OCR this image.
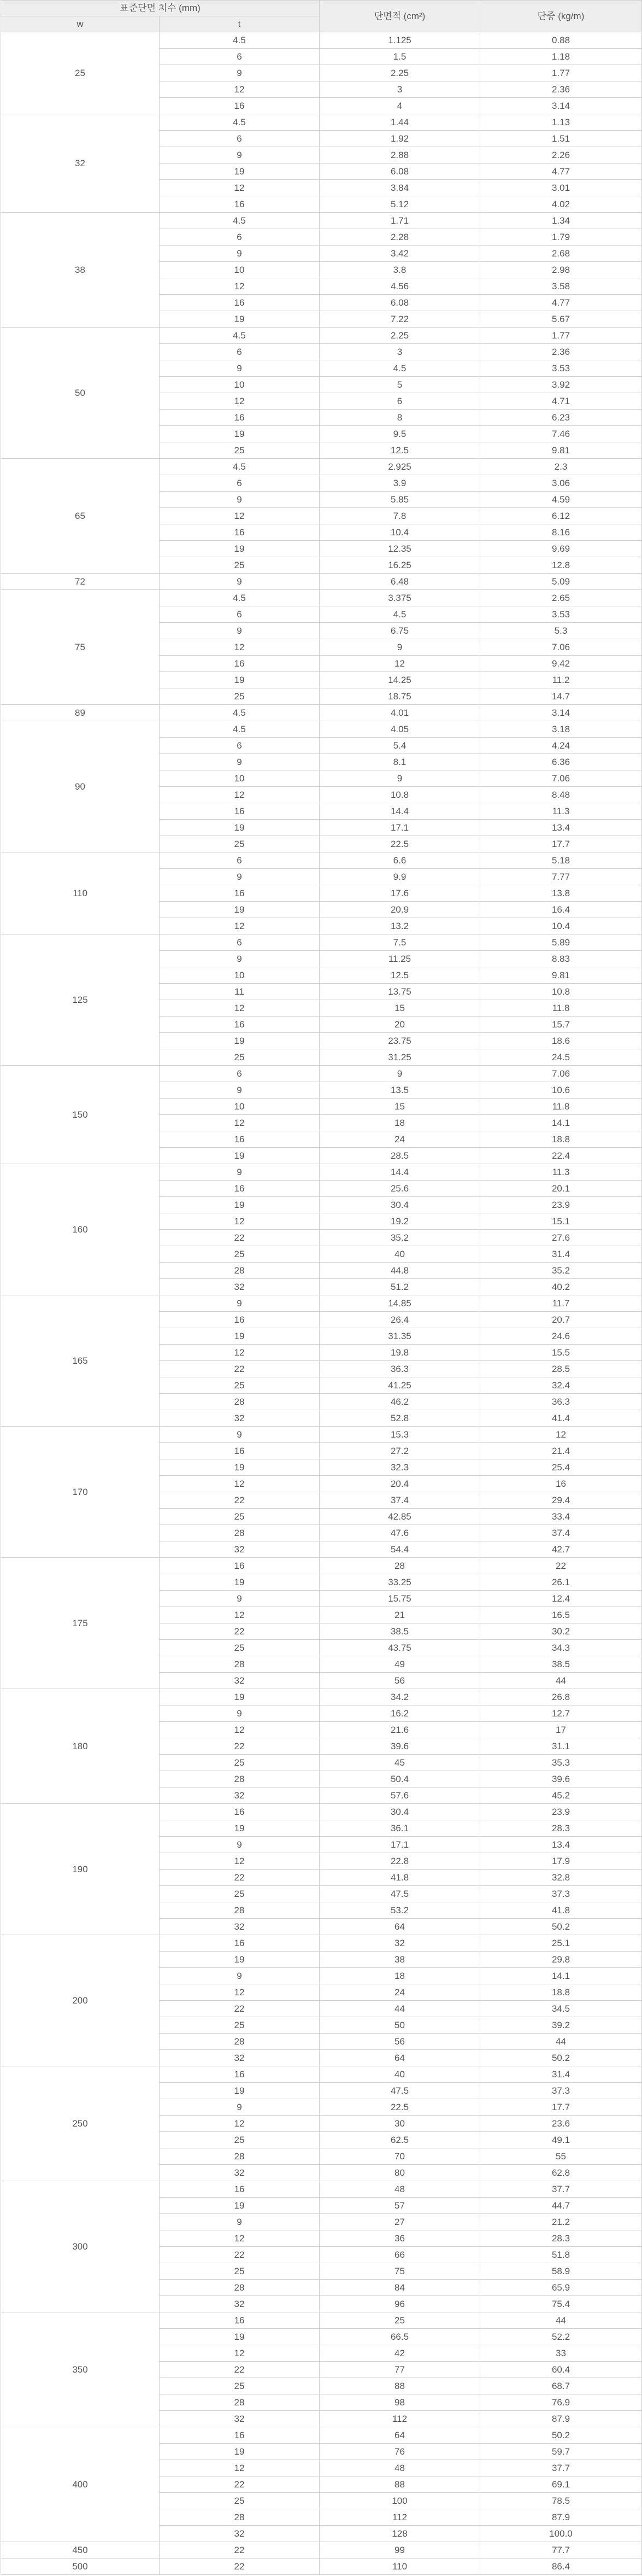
표준단면 치수 (mm)		단면적 (cm²)	단중 (kg/m)
w	t		
25	4.5	1.125	0.88
	6	1.5	1.18
	9	2.25	1.77
	12	3	2.36
	16	4	3.14
32	4.5	1.44	1.13
	6	1.92	1.51
	9	2.88	2.26
	19	6.08	4.77
	12	3.84	3.01
	16	5.12	4.02
38	4.5	1.71	1.34
	6	2.28	1.79
	9	3.42	2.68
	10	3.8	2.98
	12	4.56	3.58
	16	6.08	4.77
	19	7.22	5.67
50	4.5	2.25	1.77
	6	3	2.36
	9	4.5	3.53
	10	5	3.92
	12	6	4.71
	16	8	6.23
	19	9.5	7.46
	25	12.5	9.81
65	4.5	2.925	2.3
	6	3.9	3.06
	9	5.85	4.59
	12	7.8	6.12
	16	10.4	8.16
	19	12.35	9.69
	25	16.25	12.8
72	9	6.48	5.09
75	4.5	3.375	2.65
	6	4.5	3.53
	9	6.75	5.3
	12	9	7.06
	16	12	9.42
	19	14.25	11.2
	25	18.75	14.7
89	4.5	4.01	3.14
90	4.5	4.05	3.18
	6	5.4	4.24
	9	8.1	6.36
	10	9	7.06
	12	10.8	8.48
	16	14.4	11.3
	19	17.1	13.4
	25	22.5	17.7
110	6	6.6	5.18
	9	9.9	7.77
	16	17.6	13.8
	19	20.9	16.4
	12	13.2	10.4
125	6	7.5	5.89
	9	11.25	8.83
	10	12.5	9.81
	11	13.75	10.8
	12	15	11.8
	16	20	15.7
	19	23.75	18.6
	25	31.25	24.5
150	6	9	7.06
	9	13.5	10.6
	10	15	11.8
	12	18	14.1
	16	24	18.8
	19	28.5	22.4
160	9	14.4	11.3
	16	25.6	20.1
	19	30.4	23.9
	12	19.2	15.1
	22	35.2	27.6
	25	40	31.4
	28	44.8	35.2
	32	51.2	40.2
165	9	14.85	11.7
	16	26.4	20.7
	19	31.35	24.6
	12	19.8	15.5
	22	36.3	28.5
	25	41.25	32.4
	28	46.2	36.3
	32	52.8	41.4
170	9	15.3	12
	16	27.2	21.4
	19	32.3	25.4
	12	20.4	16
	22	37.4	29.4
	25	42.85	33.4
	28	47.6	37.4
	32	54.4	42.7
175	16	28	22
	19	33.25	26.1
	9	15.75	12.4
	12	21	16.5
	22	38.5	30.2
	25	43.75	34.3
	28	49	38.5
	32	56	44
180	19	34.2	26.8
	9	16.2	12.7
	12	21.6	17
	22	39.6	31.1
	25	45	35.3
	28	50.4	39.6
	32	57.6	45.2
190	16	30.4	23.9
	19	36.1	28.3
	9	17.1	13.4
	12	22.8	17.9
	22	41.8	32.8
	25	47.5	37.3
	28	53.2	41.8
	32	64	50.2
200	16	32	25.1
	19	38	29.8
	9	18	14.1
	12	24	18.8
	22	44	34.5
	25	50	39.2
	28	56	44
	32	64	50.2
250	16	40	31.4
	19	47.5	37.3
	9	22.5	17.7
	12	30	23.6
	25	62.5	49.1
	28	70	55
	32	80	62.8
300	16	48	37.7
	19	57	44.7
	9	27	21.2
	12	36	28.3
	22	66	51.8
	25	75	58.9
	28	84	65.9
	32	96	75.4
350	16	25	44
	19	66.5	52.2
	12	42	33
	22	77	60.4
	25	88	68.7
	28	98	76.9
	32	112	87.9
400	16	64	50.2
	19	76	59.7
	12	48	37.7
	22	88	69.1
	25	100	78.5
	28	112	87.9
	32	128	100.0
450	22	99	77.7
500	22	110	86.4
